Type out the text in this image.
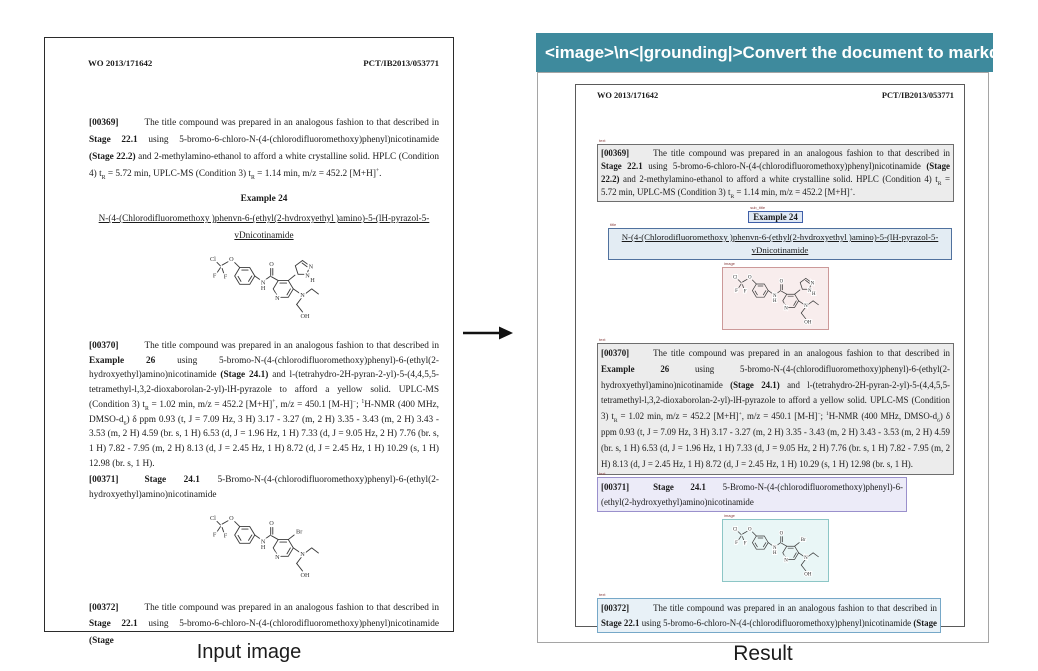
WO 2013/171642	PCT/IB2013/053771

[00369]	The title compound was prepared in an analogous fashion to that described in Stage 22.1 using 5-bromo-6-chloro-N-(4-(chlorodifluoromethoxy)phenyl)nicotinamide (Stage 22.2) and 2-methylamino-ethanol to afford a white crystalline solid. HPLC (Condition 4) $t_R = 5.72$ min, UPLC-MS (Condition 3) $t_R = 1.14$ min, m/z = 452.2 [M+H]+.

Example 24
N-(4-(Chlorodifluoromethoxy )phenvn-6-(ethyl(2-hvdroxyethyl )amino)-5-(lH-pyrazol-5-
vDnicotinamide
Cl
F F
O
N
H
O
N
N
N
H
N
OH

[00370]	The title compound was prepared in an analogous fashion to that described in Example 26 using 5-bromo-N-(4-(chlorodifluoromethoxy)phenyl)-6-(ethyl(2-hydroxyethyl)amino)nicotinamide (Stage 24.1) and l-(tetrahydro-2H-pyran-2-yl)-5-(4,4,5,5-tetramethyl-l,3,2-dioxaborolan-2-yl)-lH-pyrazole to afford a yellow solid. UPLC-MS (Condition 3) $t_R = 1.02$ min, m/z = 452.2 [M+H]+, m/z = 450.1 [M-H]−; $^1$H-NMR (400 MHz, DMSO-$d_6$) δ ppm 0.93 (t, J = 7.09 Hz, 3 H) 3.17 - 3.27 (m, 2 H) 3.35 - 3.43 (m, 2 H) 3.43 - 3.53 (m, 2 H) 4.59 (br. s, 1 H) 6.53 (d, J = 1.96 Hz, 1 H) 7.33 (d, J = 9.05 Hz, 2 H) 7.76 (br. s, 1 H) 7.82 - 7.95 (m, 2 H) 8.13 (d, J = 2.45 Hz, 1 H) 8.72 (d, J = 2.45 Hz, 1 H) 10.29 (s, 1 H) 12.98 (br. s, 1 H).

[00371]	Stage 24.1 5-Bromo-N-(4-(chlorodifluoromethoxy)phenyl)-6-(ethyl(2-hydroxyethyl)amino)nicotinamide

Cl
F F
O
N
H
O
N
Br
N
OH

[00372]	The title compound was prepared in an analogous fashion to that described in Stage 22.1 using 5-bromo-6-chloro-N-(4-(chlorodifluoromethoxy)phenyl)nicotinamide (Stage

Input image
<image>\n<|grounding|>Convert the document to markdown.
WO 2013/171642	PCT/IB2013/053771
text

[00369]	The title compound was prepared in an analogous fashion to that described in Stage 22.1 using 5-bromo-6-chloro-N-(4-(chlorodifluoromethoxy)phenyl)nicotinamide (Stage 22.2) and 2-methylamino-ethanol to afford a white crystalline solid. HPLC (Condition 4) $t_R = 5.72$ min, UPLC-MS (Condition 3) $t_R = 1.14$ min, m/z = 452.2 [M+H]+.

sub_title
Example 24
title
N-(4-(Chlorodifluoromethoxy )phenvn-6-(ethyl(2-hvdroxyethyl )amino)-5-(lH-pyrazol-5-
vDnicotinamide
image
Cl
F F
O
N
H
O
N
N
N
H
N
OH
text

[00370]	The title compound was prepared in an analogous fashion to that described in Example 26 using 5-bromo-N-(4-(chlorodifluoromethoxy)phenyl)-6-(ethyl(2-hydroxyethyl)amino)nicotinamide (Stage 24.1) and l-(tetrahydro-2H-pyran-2-yl)-5-(4,4,5,5-tetramethyl-l,3,2-dioxaborolan-2-yl)-lH-pyrazole to afford a yellow solid. UPLC-MS (Condition 3) $t_R = 1.02$ min, m/z = 452.2 [M+H]+, m/z = 450.1 [M-H]−; $^1$H-NMR (400 MHz, DMSO-$d_6$) δ ppm 0.93 (t, J = 7.09 Hz, 3 H) 3.17 - 3.27 (m, 2 H) 3.35 - 3.43 (m, 2 H) 3.43 - 3.53 (m, 2 H) 4.59 (br. s, 1 H) 6.53 (d, J = 1.96 Hz, 1 H) 7.33 (d, J = 9.05 Hz, 2 H) 7.76 (br. s, 1 H) 7.82 - 7.95 (m, 2 H) 8.13 (d, J = 2.45 Hz, 1 H) 8.72 (d, J = 2.45 Hz, 1 H) 10.29 (s, 1 H) 12.98 (br. s, 1 H).

text

[00371]	Stage 24.1 5-Bromo-N-(4-(chlorodifluoromethoxy)phenyl)-6-(ethyl(2-hydroxyethyl)amino)nicotinamide

image
Cl
F F
O
N
H
O
N
Br
N
OH
text

[00372]	The title compound was prepared in an analogous fashion to that described in Stage 22.1 using 5-bromo-6-chloro-N-(4-(chlorodifluoromethoxy)phenyl)nicotinamide (Stage

Result
